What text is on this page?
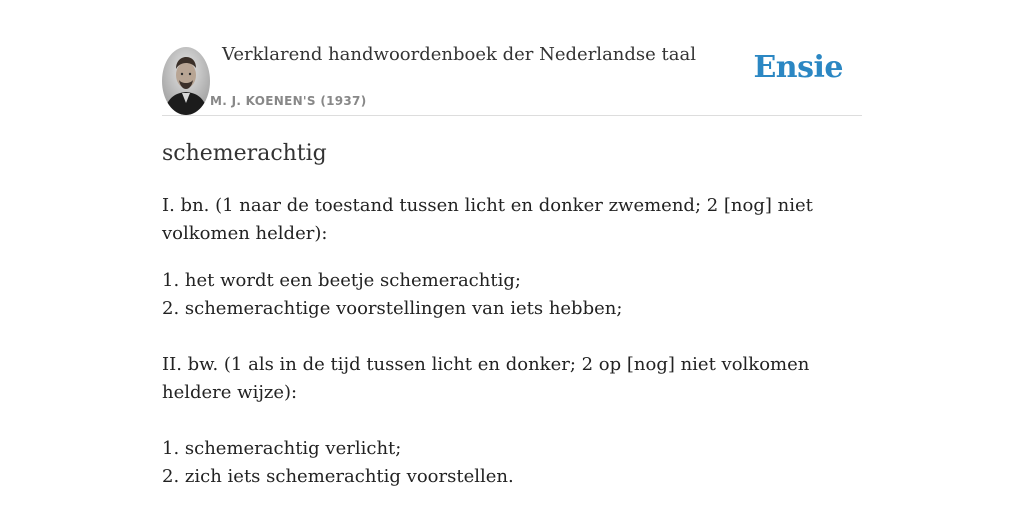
Verklarend handwoordenboek der Nederlandse taal
M. J. KOENEN'S (1937)
Ensie
schemerachtig

I. bn. (1 naar de toestand tussen licht en donker zwemend; 2 [nog] niet volkomen helder):

1. het wordt een beetje schemerachtig;
2. schemerachtige voorstellingen van iets hebben;

II. bw. (1 als in de tijd tussen licht en donker; 2 op [nog] niet volkomen heldere wijze):

1. schemerachtig verlicht;
2. zich iets schemerachtig voorstellen.
